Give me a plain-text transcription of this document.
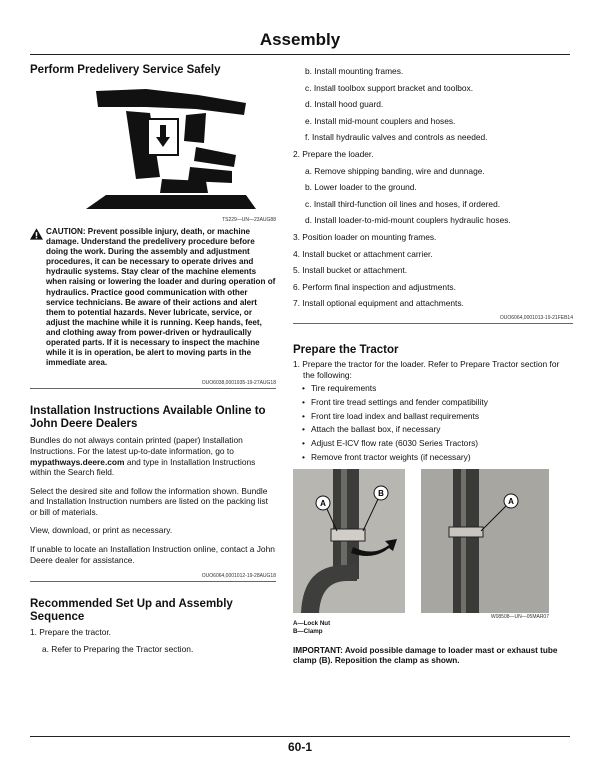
Assembly
Perform Predelivery Service Safely
TS229—UN—23AUG88
CAUTION: Prevent possible injury, death, or machine damage. Understand the predelivery procedure before doing the work. During the assembly and adjustment procedures, it can be necessary to operate drives and hydraulic systems. Stay clear of the machine elements when raising or lowering the loader and during operation of hydraulics. Practice good communication with other service technicians. Be aware of their actions and alert them to potential hazards. Never lubricate, service, or adjust the machine while it is running. Keep hands, feet, and clothing away from power-driven or hydraulically operated parts. If it is necessary to inspect the machine while it is in operation, be alert to moving parts in the immediate area.
OUO6038,0001935-19-27AUG18
Installation Instructions Available Online to John Deere Dealers

Bundles do not always contain printed (paper) Installation Instructions. For the latest up-to-date information, go to mypathways.deere.com and type in Installation Instructions within the Search field.

Select the desired site and follow the information shown. Bundle and Installation Instruction numbers are listed on the packing list or bill of materials.

View, download, or print as necessary.

If unable to locate an Installation Instruction online, contact a John Deere dealer for assistance.

OUO6064,0001012-19-28AUG18
Recommended Set Up and Assembly Sequence

1. Prepare the tractor.

a. Refer to Preparing the Tractor section.

b. Install mounting frames.

c. Install toolbox support bracket and toolbox.

d. Install hood guard.

e. Install mid-mount couplers and hoses.

f. Install hydraulic valves and controls as needed.

2. Prepare the loader.

a. Remove shipping banding, wire and dunnage.

b. Lower loader to the ground.

c. Install third-function oil lines and hoses, if ordered.

d. Install loader-to-mid-mount couplers hydraulic hoses.

3. Position loader on mounting frames.

4. Install bucket or attachment carrier.

5. Install bucket or attachment.

6. Perform final inspection and adjustments.

7. Install optional equipment and attachments.

OUO6064,0001013-19-21FEB14
Prepare the Tractor

1. Prepare the tractor for the loader. Refer to Prepare Tractor section for the following:

• Tire requirements
• Front tire tread settings and fender compatibility
• Front tire load index and ballast requirements
• Attach the ballast box, if necessary
• Adjust E-ICV flow rate (6030 Series Tractors)
• Remove front tractor weights (if necessary)
A
B
A
W08508—UN—05MAR07
A—Lock Nut
B—Clamp

IMPORTANT: Avoid possible damage to loader mast or exhaust tube clamp (B). Reposition the clamp as shown.

60-1
